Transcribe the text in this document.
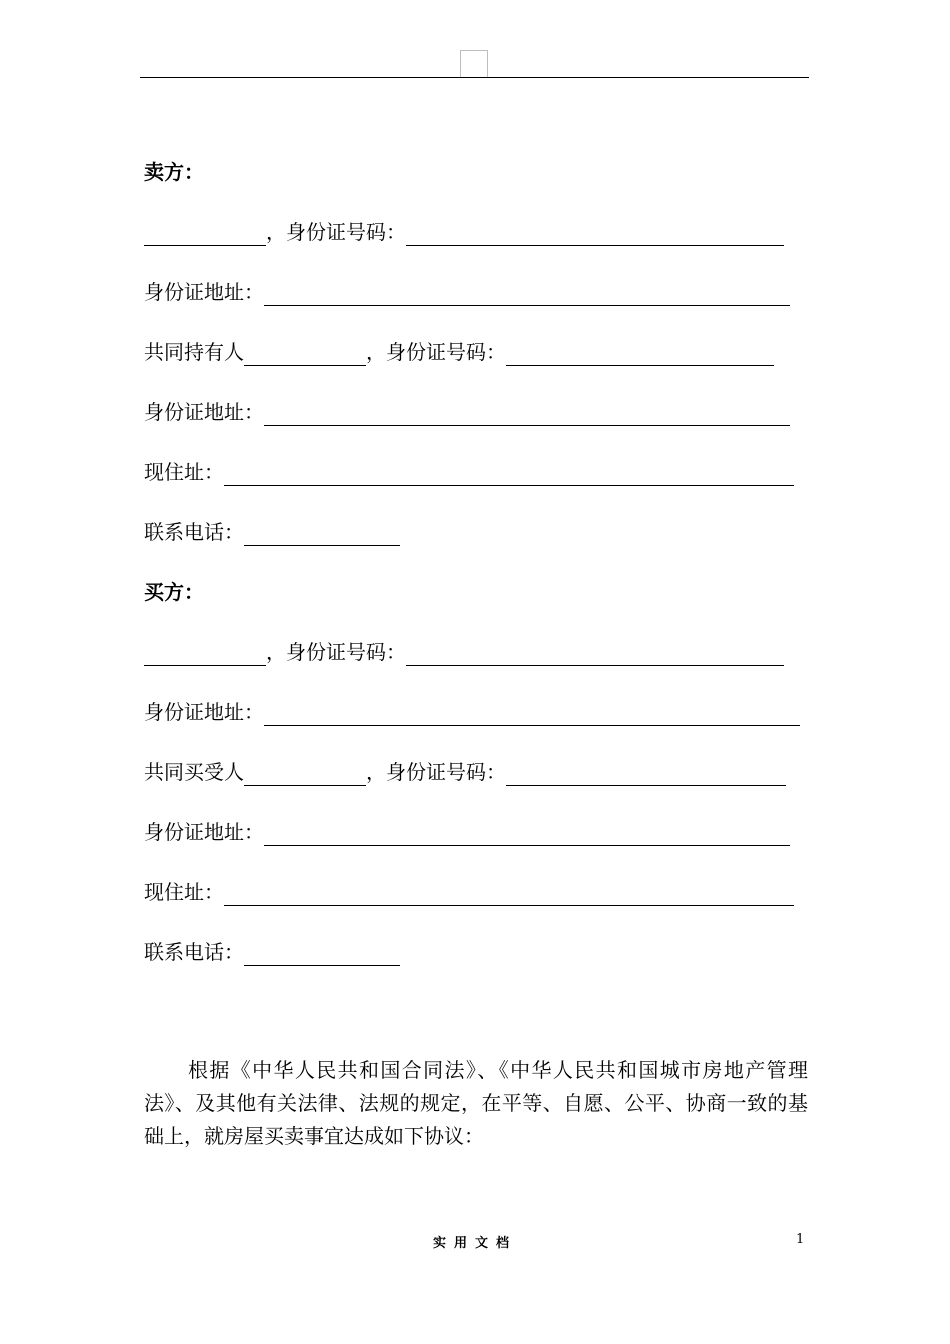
卖方：
，身份证号码：
身份证地址：
共同持有人	，身份证号码：
身份证地址：
现住址：
联系电话：
买方：
，身份证号码：
身份证地址：
共同买受人	，身份证号码：
身份证地址：
现住址：
联系电话：
根据《中华人民共和国合同法》、《中华人民共和国城市房地产管理法》、及其他有关法律、法规的规定，在平等、自愿、公平、协商一致的基础上，就房屋买卖事宜达成如下协议：
实用文档	1
